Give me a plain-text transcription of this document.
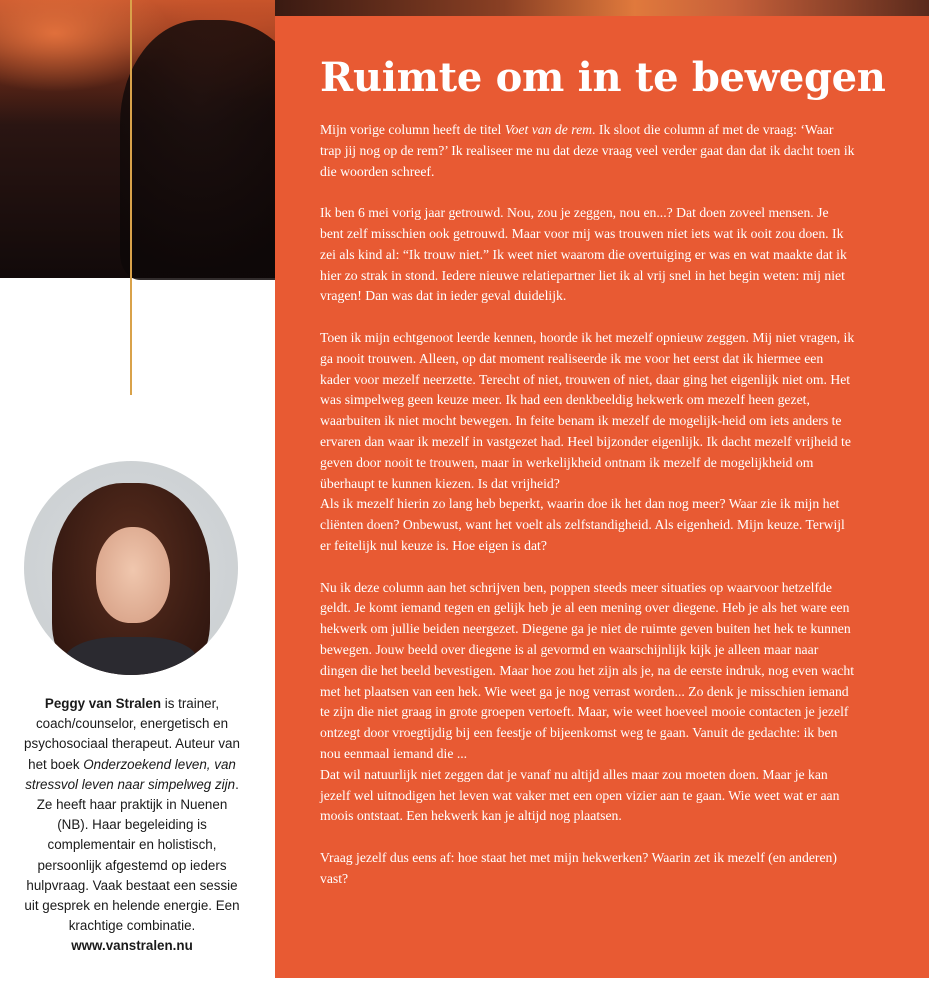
Ruimte om in te bewegen

Mijn vorige column heeft de titel Voet van de rem. Ik sloot die column af met de vraag: ‘Waar trap jij nog op de rem?’ Ik realiseer me nu dat deze vraag veel verder gaat dan dat ik dacht toen ik die woorden schreef.

Ik ben 6 mei vorig jaar getrouwd. Nou, zou je zeggen, nou en...? Dat doen zoveel mensen. Je bent zelf misschien ook getrouwd. Maar voor mij was trouwen niet iets wat ik ooit zou doen. Ik zei als kind al: “Ik trouw niet.” Ik weet niet waarom die overtuiging er was en wat maakte dat ik hier zo strak in stond. Iedere nieuwe relatiepartner liet ik al vrij snel in het begin weten: mij niet vragen! Dan was dat in ieder geval duidelijk.

Toen ik mijn echtgenoot leerde kennen, hoorde ik het mezelf opnieuw zeggen. Mij niet vragen, ik ga nooit trouwen. Alleen, op dat moment realiseerde ik me voor het eerst dat ik hiermee een kader voor mezelf neerzette. Terecht of niet, trouwen of niet, daar ging het eigenlijk niet om. Het was simpelweg geen keuze meer. Ik had een denkbeeldig hekwerk om mezelf heen gezet, waarbuiten ik niet mocht bewegen. In feite benam ik mezelf de mogelijk-heid om iets anders te ervaren dan waar ik mezelf in vastgezet had. Heel bijzonder eigenlijk. Ik dacht mezelf vrijheid te geven door nooit te trouwen, maar in werkelijkheid ontnam ik mezelf de mogelijkheid om überhaupt te kunnen kiezen. Is dat vrijheid?

Als ik mezelf hierin zo lang heb beperkt, waarin doe ik het dan nog meer? Waar zie ik mijn het cliënten doen? Onbewust, want het voelt als zelfstandigheid. Als eigenheid. Mijn keuze. Terwijl er feitelijk nul keuze is. Hoe eigen is dat?

Nu ik deze column aan het schrijven ben, poppen steeds meer situaties op waarvoor hetzelfde geldt. Je komt iemand tegen en gelijk heb je al een mening over diegene. Heb je als het ware een hekwerk om jullie beiden neergezet. Diegene ga je niet de ruimte geven buiten het hek te kunnen bewegen. Jouw beeld over diegene is al gevormd en waarschijnlijk kijk je alleen maar naar dingen die het beeld bevestigen. Maar hoe zou het zijn als je, na de eerste indruk, nog even wacht met het plaatsen van een hek. Wie weet ga je nog verrast worden... Zo denk je misschien iemand te zijn die niet graag in grote groepen vertoeft. Maar, wie weet hoeveel mooie contacten je jezelf ontzegt door vroegtijdig bij een feestje of bijeenkomst weg te gaan. Vanuit de gedachte: ik ben nou eenmaal iemand die ...

Dat wil natuurlijk niet zeggen dat je vanaf nu altijd alles maar zou moeten doen. Maar je kan jezelf wel uitnodigen het leven wat vaker met een open vizier aan te gaan. Wie weet wat er aan moois ontstaat. Een hekwerk kan je altijd nog plaatsen.

Vraag jezelf dus eens af: hoe staat het met mijn hekwerken? Waarin zet ik mezelf (en anderen) vast?

Peggy van Stralen is trainer, coach/counselor, energetisch en psychosociaal therapeut. Auteur van het boek Onderzoekend leven, van stressvol leven naar simpelweg zijn.
Ze heeft haar praktijk in Nuenen (NB). Haar begeleiding is complementair en holistisch, persoonlijk afgestemd op ieders hulpvraag. Vaak bestaat een sessie uit gesprek en helende energie. Een krachtige combinatie. www.vanstralen.nu
